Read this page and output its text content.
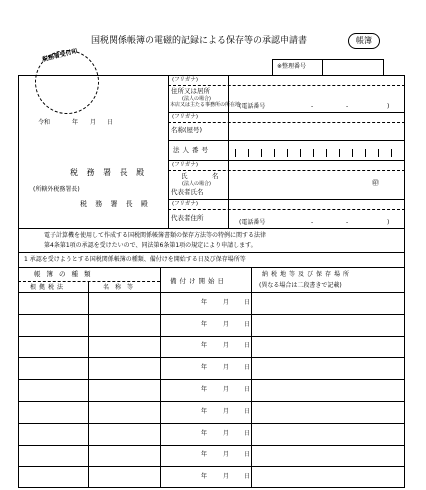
国税関係帳簿の電磁的記録による保存等の承認申請書	帳簿
税務署受付印
※整理番号
令和	年 月 日
税 務 署 長 殿
(所轄外税務署長)
税 務 署 長 殿
(フリガナ)
住所又は居所
(法人の場合)
本店又は主たる事務所の所在地
(電話番号	-	-	)
(フリガナ)
名称(屋号)
法人番号
(フリガナ)
氏	名
(法人の場合)
代表者氏名
㊞
(フリガナ)
代表者住所
(電話番号	-	-	)
電子計算機を使用して作成する国税関係帳簿書類の保存方法等の特例に関する法律
第4条第1項の承認を受けたいので、同法第6条第1項の規定により申請します。
1 承認を受けようとする国税関係帳簿の種類、備付けを開始する日及び保存場所等
帳簿の種類
根拠税法	名称等
備付け開始日
納税地等及び保存場所
(異なる場合は二段書きで記載)
年	月 日
年	月 日
年	月 日
年	月 日
年	月 日
年	月 日
年	月 日
年	月 日
年	月 日
